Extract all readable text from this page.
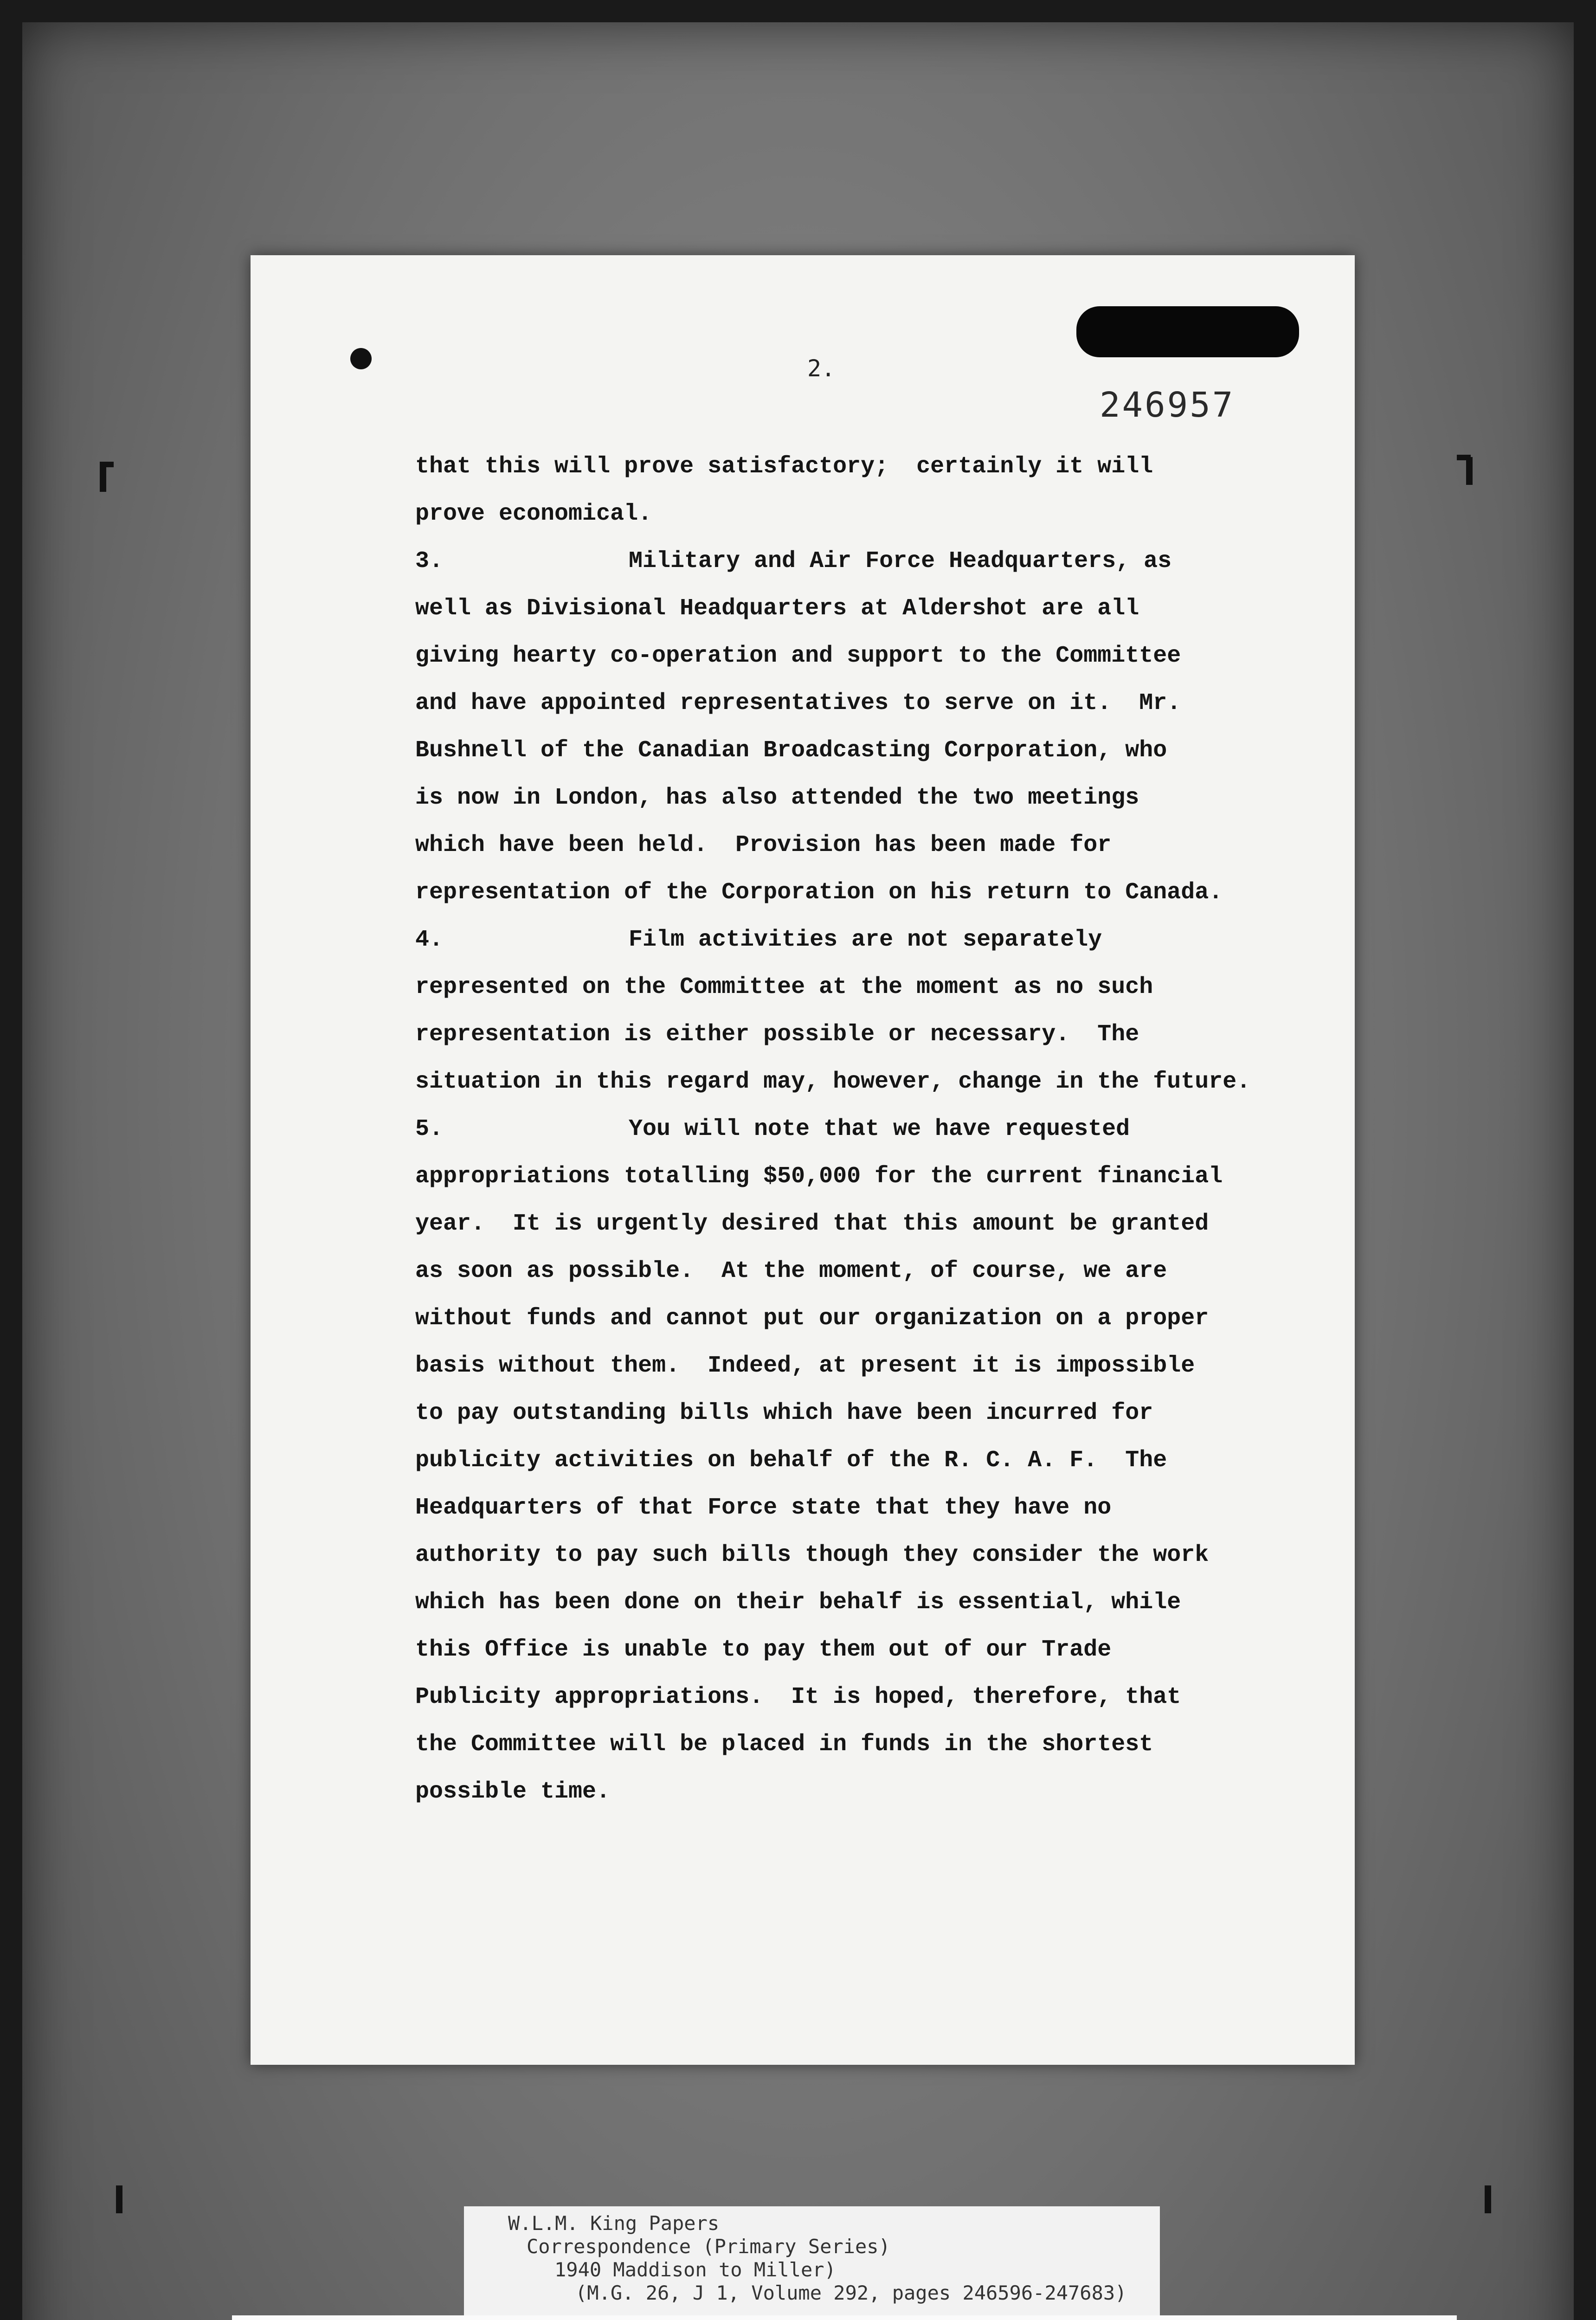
2.
246957
that this will prove satisfactory;  certainly it will
prove economical.
3.	Military and Air Force Headquarters, as
well as Divisional Headquarters at Aldershot are all
giving hearty co-operation and support to the Committee
and have appointed representatives to serve on it.  Mr.
Bushnell of the Canadian Broadcasting Corporation, who
is now in London, has also attended the two meetings
which have been held.  Provision has been made for
representation of the Corporation on his return to Canada.
4.	Film activities are not separately
represented on the Committee at the moment as no such
representation is either possible or necessary.  The
situation in this regard may, however, change in the future.
5.	You will note that we have requested
appropriations totalling $50,000 for the current financial
year.  It is urgently desired that this amount be granted
as soon as possible.  At the moment, of course, we are
without funds and cannot put our organization on a proper
basis without them.  Indeed, at present it is impossible
to pay outstanding bills which have been incurred for
publicity activities on behalf of the R. C. A. F.  The
Headquarters of that Force state that they have no
authority to pay such bills though they consider the work
which has been done on their behalf is essential, while
this Office is unable to pay them out of our Trade
Publicity appropriations.  It is hoped, therefore, that
the Committee will be placed in funds in the shortest
possible time.
W.L.M. King Papers
Correspondence (Primary Series)
1940 Maddison to Miller)
(M.G. 26, J 1, Volume 292, pages 246596-247683)
